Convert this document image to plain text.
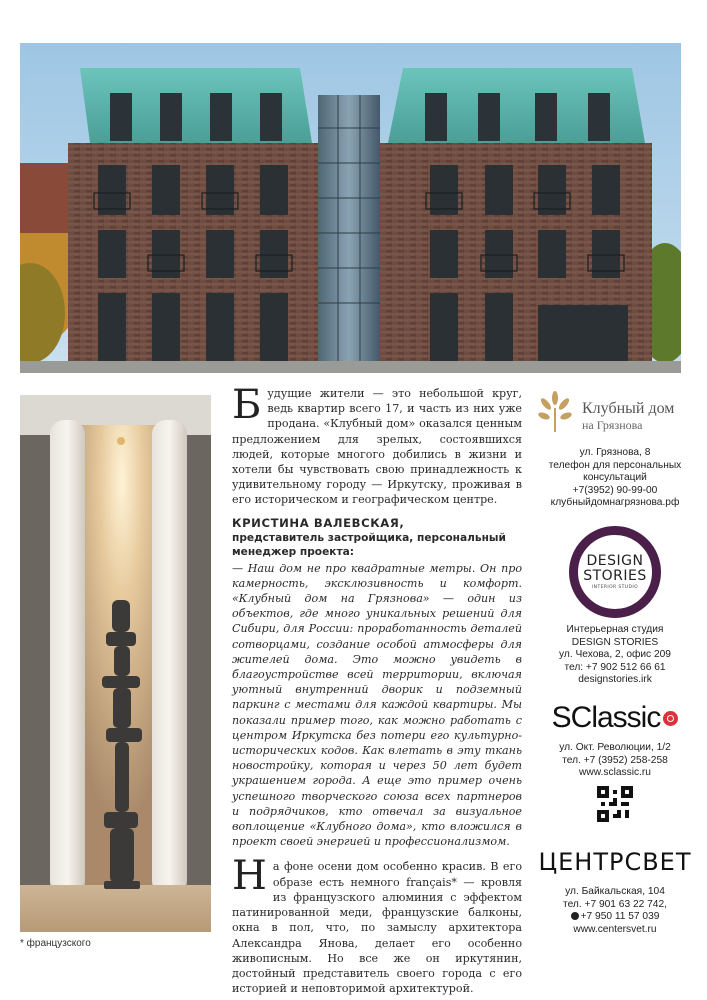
Будущие жители — это небольшой круг, ведь квартир всего 17, и часть из них уже продана. «Клубный дом» оказался ценным предложением для зрелых, состоявшихся людей, которые многого добились в жизни и хотели бы чувствовать свою принадлежность к удивительному городу — Иркутску, проживая в его историческом и географическом центре.

КРИСТИНА ВАЛЕВСКАЯ,
представитель застройщика, персональный менеджер проекта:

— Наш дом не про квадратные метры. Он про камерность, эксклюзивность и комфорт. «Клубный дом на Грязнова» — один из объектов, где много уникальных решений для Сибири, для России: проработанность деталей сотворцами, создание особой атмосферы для жителей дома. Это можно увидеть в благоустройстве всей территории, включая уютный внутренний дворик и подземный паркинг с местами для каждой квартиры. Мы показали пример того, как можно работать с центром Иркутска без потери его культурно-исторических кодов. Как влетать в эту ткань новостройку, которая и через 50 лет будет украшением города. А еще это пример очень успешного творческого союза всех партнеров и подрядчиков, кто отвечал за визуальное воплощение «Клубного дома», кто вложился в проект своей энергией и профессионализмом.

На фоне осени дом особенно красив. В его образе есть немного français* — кровля из французского алюминия с эффектом патинированной меди, французские балконы, окна в пол, что, по замыслу архитектора Александра Янова, делает его особенно живописным. Но все же он иркутянин, достойный представитель своего города с его историей и неповторимой архитектурой.

Клубный дом
на Грязнова
ул. Грязнова, 8
телефон для персональных
консультаций
+7(3952) 90-99-00
клубныйдомнагрязнова.рф
DESIGN
STORIES
INTERIOR STUDIO
Интерьерная студия
DESIGN STORIES
ул. Чехова, 2, офис 209
тел: +7 902 512 66 61
designstories.irk
SClassic
ул. Окт. Революции, 1/2
тел. +7 (3952) 258-258
www.sclassic.ru
ЦЕНТРСВЕТ
ул. Байкальская, 104
тел. +7 901 63 22 742,
+7 950 11 57 039
www.centersvet.ru
* французского
